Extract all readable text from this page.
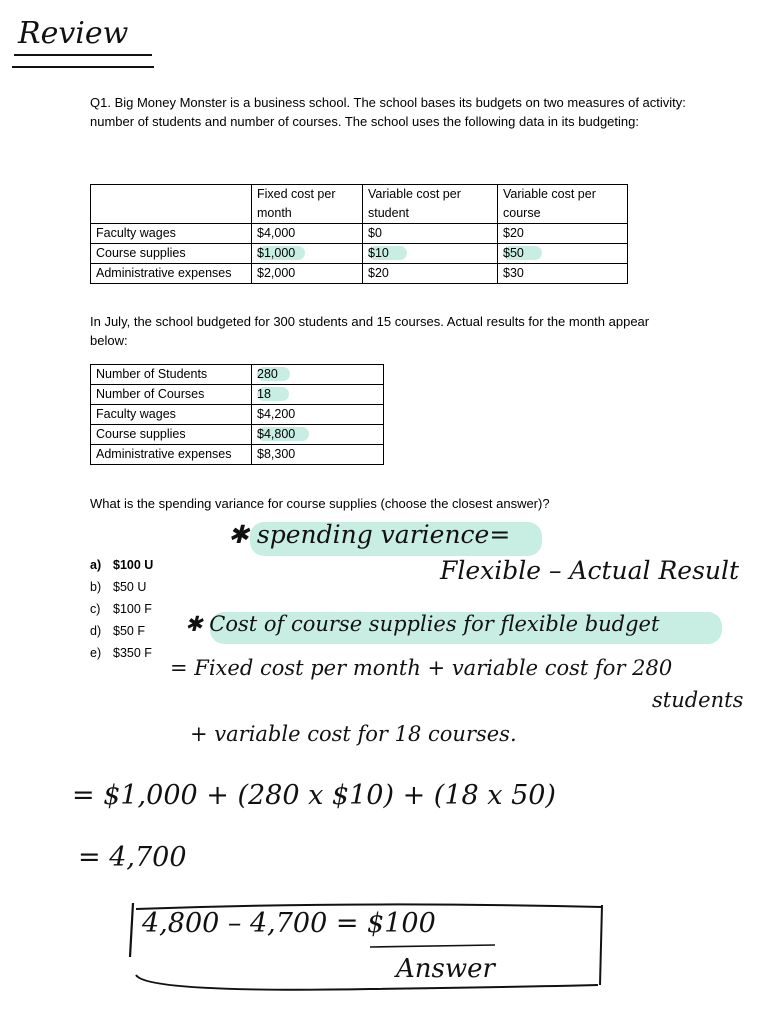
Review
Q1. Big Money Monster is a business school. The school bases its budgets on two measures of activity: number of students and number of courses. The school uses the following data in its budgeting:
	Fixed cost per month	Variable cost per student	Variable cost per course
Faculty wages	$4,000	$0	$20
Course supplies	$1,000	$10	$50
Administrative expenses	$2,000	$20	$30
In July, the school budgeted for 300 students and 15 courses. Actual results for the month appear below:
Number of Students	280
Number of Courses	18
Faculty wages	$4,200
Course supplies	$4,800
Administrative expenses	$8,300
What is the spending variance for course supplies (choose the closest answer)?
a) $100 U
b) $50 U
c) $100 F
d) $50 F
e) $350 F
✱ spending varience=
Flexible – Actual Result
✱ Cost of course supplies for flexible budget
= Fixed cost per month + variable cost for 280
students
+ variable cost for 18 courses.
= $1,000 + (280 x $10) + (18 x 50)
= 4,700
4,800 – 4,700 = $100
Answer
